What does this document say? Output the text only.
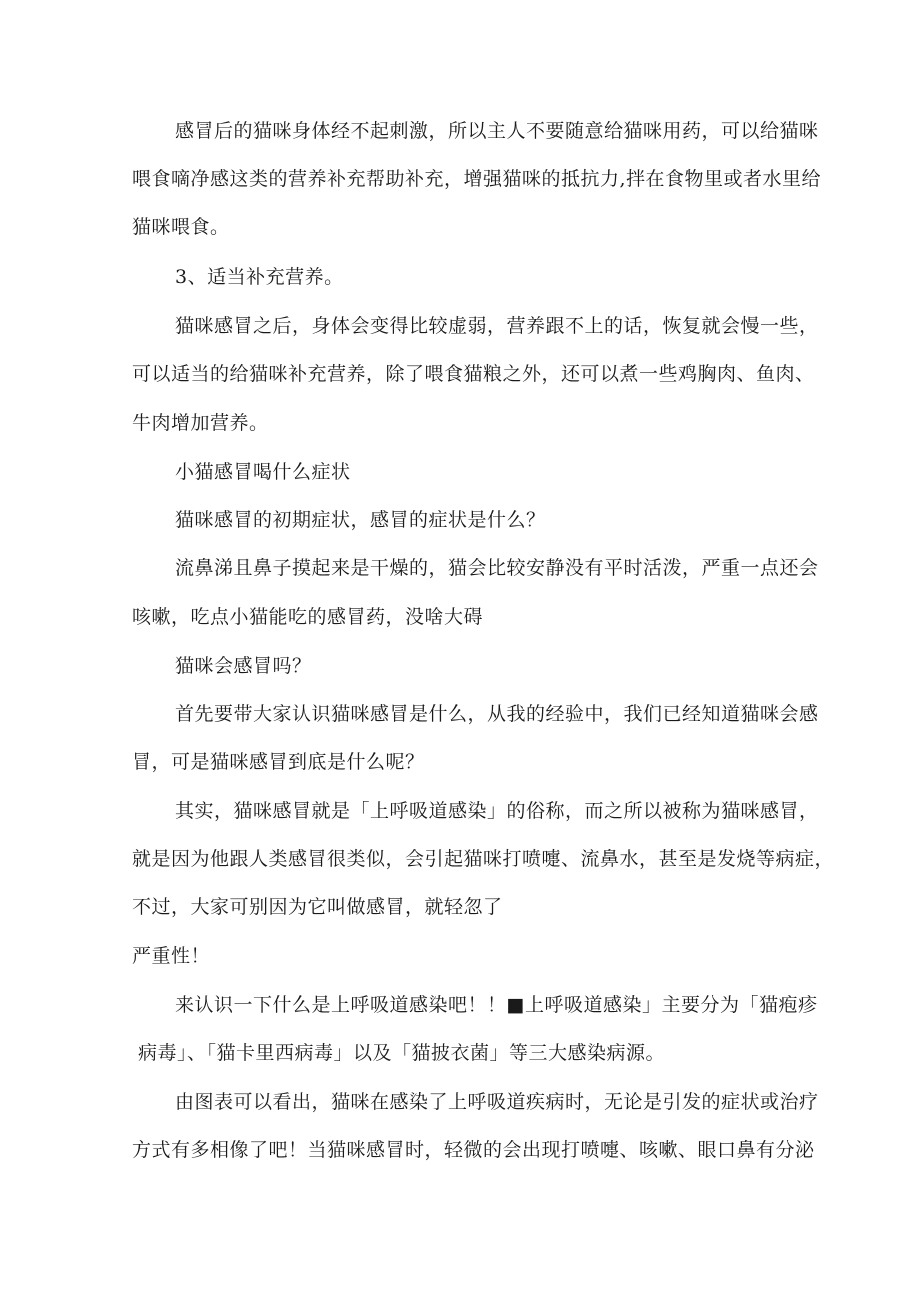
感冒后的猫咪身体经不起刺激，所以主人不要随意给猫咪用药，可以给猫咪
喂食嘀净感这类的营养补充帮助补充，增强猫咪的抵抗力,拌在食物里或者水里给
猫咪喂食。
3、适当补充营养。
猫咪感冒之后，身体会变得比较虚弱，营养跟不上的话，恢复就会慢一些，
可以适当的给猫咪补充营养，除了喂食猫粮之外，还可以煮一些鸡胸肉、鱼肉、
牛肉增加营养。
小猫感冒喝什么症状
猫咪感冒的初期症状，感冒的症状是什么？
流鼻涕且鼻子摸起来是干燥的，猫会比较安静没有平时活泼，严重一点还会
咳嗽，吃点小猫能吃的感冒药，没啥大碍
猫咪会感冒吗？
首先要带大家认识猫咪感冒是什么，从我的经验中，我们已经知道猫咪会感
冒，可是猫咪感冒到底是什么呢？
其实，猫咪感冒就是「上呼吸道感染」的俗称，而之所以被称为猫咪感冒，
就是因为他跟人类感冒很类似，会引起猫咪打喷嚏、流鼻水，甚至是发烧等病症，
不过，大家可别因为它叫做感冒，就轻忽了
严重性！
来认识一下什么是上呼吸道感染吧！！■上呼吸道感染」主要分为「猫疱疹
病毒」、「猫卡里西病毒」以及「猫披衣菌」等三大感染病源。
由图表可以看出，猫咪在感染了上呼吸道疾病时，无论是引发的症状或治疗
方式有多相像了吧！当猫咪感冒时，轻微的会出现打喷嚏、咳嗽、眼口鼻有分泌
